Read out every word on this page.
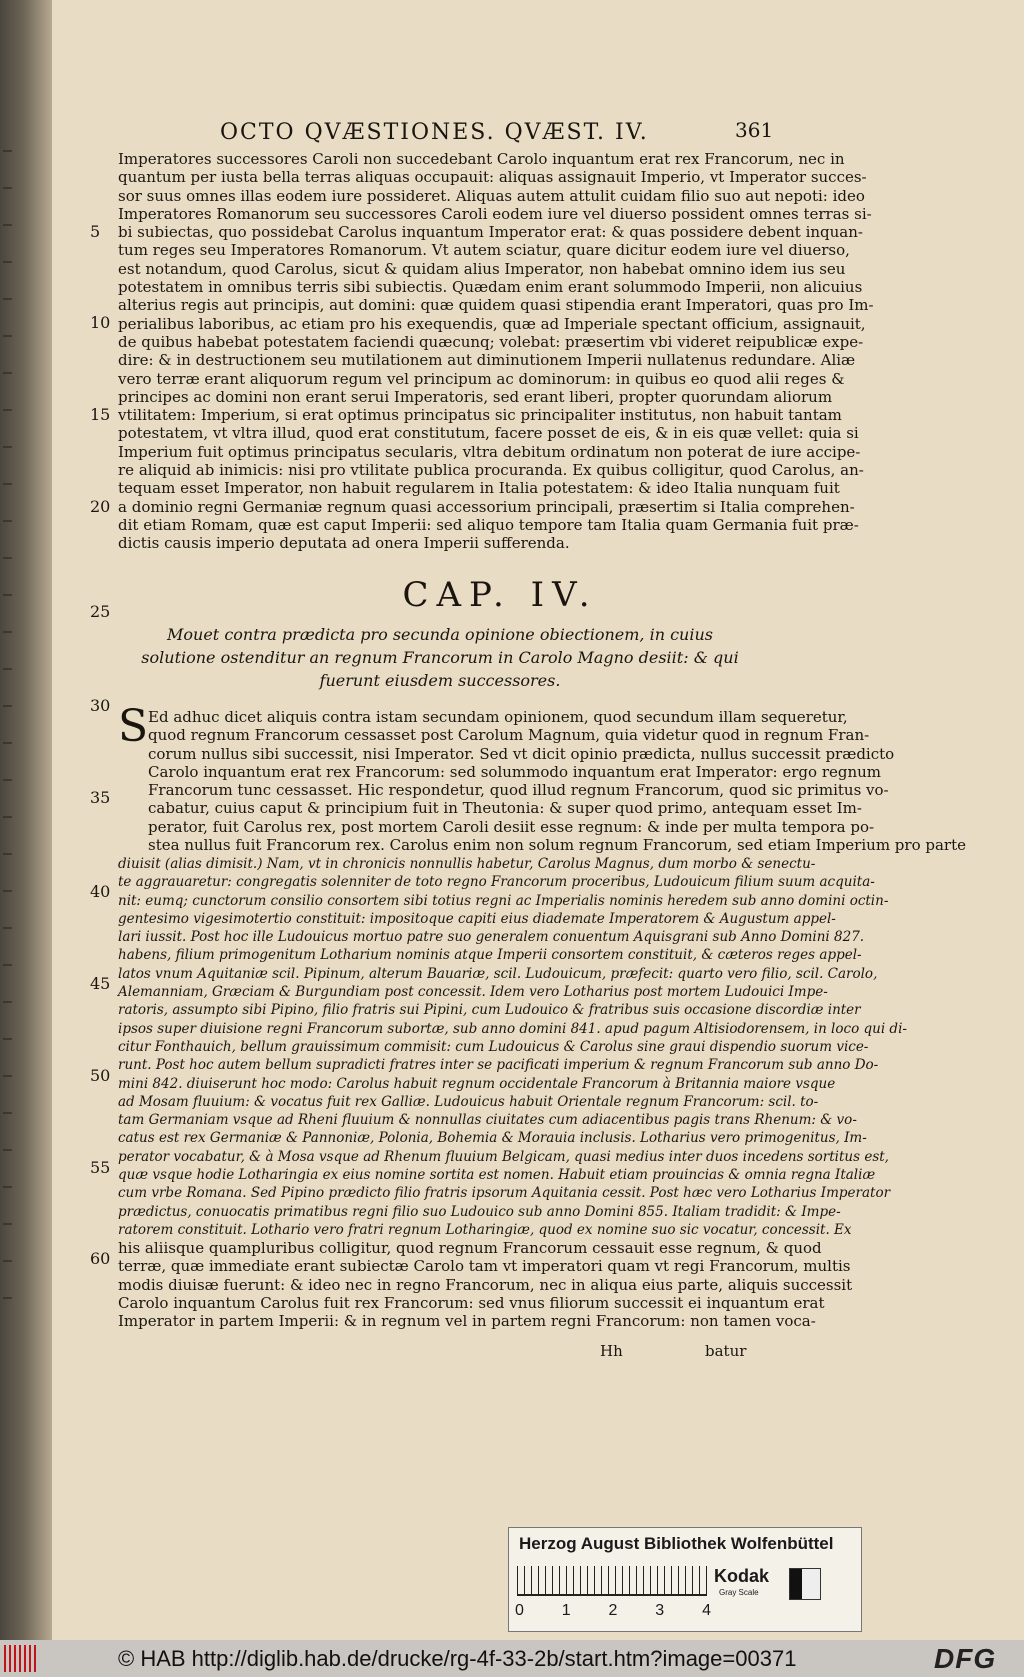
OCTO QVÆSTIONES. QVÆST. IV.	361
Imperatores successores Caroli non succedebant Carolo inquantum erat rex Francorum, nec in
quantum per iusta bella terras aliquas occupauit: aliquas assignauit Imperio, vt Imperator succes-
sor suus omnes illas eodem iure possideret. Aliquas autem attulit cuidam filio suo aut nepoti: ideo
Imperatores Romanorum seu successores Caroli eodem iure vel diuerso possident omnes terras si-
bi subiectas, quo possidebat Carolus inquantum Imperator erat: & quas possidere debent inquan-
tum reges seu Imperatores Romanorum. Vt autem sciatur, quare dicitur eodem iure vel diuerso,
est notandum, quod Carolus, sicut & quidam alius Imperator, non habebat omnino idem ius seu
potestatem in omnibus terris sibi subiectis. Quædam enim erant solummodo Imperii, non alicuius
alterius regis aut principis, aut domini: quæ quidem quasi stipendia erant Imperatori, quas pro Im-
perialibus laboribus, ac etiam pro his exequendis, quæ ad Imperiale spectant officium, assignauit,
de quibus habebat potestatem faciendi quæcunq; volebat: præsertim vbi videret reipublicæ expe-
dire: & in destructionem seu mutilationem aut diminutionem Imperii nullatenus redundare. Aliæ
vero terræ erant aliquorum regum vel principum ac dominorum: in quibus eo quod alii reges &
principes ac domini non erant serui Imperatoris, sed erant liberi, propter quorundam aliorum
vtilitatem: Imperium, si erat optimus principatus sic principaliter institutus, non habuit tantam
potestatem, vt vltra illud, quod erat constitutum, facere posset de eis, & in eis quæ vellet: quia si
Imperium fuit optimus principatus secularis, vltra debitum ordinatum non poterat de iure accipe-
re aliquid ab inimicis: nisi pro vtilitate publica procuranda. Ex quibus colligitur, quod Carolus, an-
tequam esset Imperator, non habuit regularem in Italia potestatem: & ideo Italia nunquam fuit
a dominio regni Germaniæ regnum quasi accessorium principali, præsertim si Italia comprehen-
dit etiam Romam, quæ est caput Imperii: sed aliquo tempore tam Italia quam Germania fuit præ-
dictis causis imperio deputata ad onera Imperii sufferenda.
5
10
15
20
CAP. IV.
25
Mouet contra prædicta pro secunda opinione obiectionem, in cuius solutione ostenditur an regnum Francorum in Carolo Magno desiit: & qui fuerunt eiusdem successores.
30 S Ed adhuc dicet aliquis contra istam secundam opinionem, quod secundum illam sequeretur,
quod regnum Francorum cessasset post Carolum Magnum, quia videtur quod in regnum Fran-
corum nullus sibi successit, nisi Imperator. Sed vt dicit opinio prædicta, nullus successit prædicto
Carolo inquantum erat rex Francorum: sed solummodo inquantum erat Imperator: ergo regnum
Francorum tunc cessasset. Hic respondetur, quod illud regnum Francorum, quod sic primitus vo-
cabatur, cuius caput & principium fuit in Theutonia: & super quod primo, antequam esset Im-
perator, fuit Carolus rex, post mortem Caroli desiit esse regnum: & inde per multa tempora po-
stea nullus fuit Francorum rex. Carolus enim non solum regnum Francorum, sed etiam Imperium pro parte
diuisit (alias dimisit.) Nam, vt in chronicis nonnullis habetur, Carolus Magnus, dum morbo & senectu-
te aggrauaretur: congregatis solenniter de toto regno Francorum proceribus, Ludouicum filium suum acquita-
nit: eumq; cunctorum consilio consortem sibi totius regni ac Imperialis nominis heredem sub anno domini octin-
gentesimo vigesimotertio constituit: impositoque capiti eius diademate Imperatorem & Augustum appel-
lari iussit. Post hoc ille Ludouicus mortuo patre suo generalem conuentum Aquisgrani sub Anno Domini 827.
habens, filium primogenitum Lotharium nominis atque Imperii consortem constituit, & cæteros reges appel-
latos vnum Aquitaniæ scil. Pipinum, alterum Bauariæ, scil. Ludouicum, præfecit: quarto vero filio, scil. Carolo,
Alemanniam, Græciam & Burgundiam post concessit. Idem vero Lotharius post mortem Ludouici Impe-
ratoris, assumpto sibi Pipino, filio fratris sui Pipini, cum Ludouico & fratribus suis occasione discordiæ inter
ipsos super diuisione regni Francorum subortæ, sub anno domini 841. apud pagum Altisiodorensem, in loco qui di-
citur Fonthauich, bellum grauissimum commisit: cum Ludouicus & Carolus sine graui dispendio suorum vice-
runt. Post hoc autem bellum supradicti fratres inter se pacificati imperium & regnum Francorum sub anno Do-
mini 842. diuiserunt hoc modo: Carolus habuit regnum occidentale Francorum à Britannia maiore vsque
ad Mosam fluuium: & vocatus fuit rex Galliæ. Ludouicus habuit Orientale regnum Francorum: scil. to-
tam Germaniam vsque ad Rheni fluuium & nonnullas ciuitates cum adiacentibus pagis trans Rhenum: & vo-
catus est rex Germaniæ & Pannoniæ, Polonia, Bohemia & Morauia inclusis. Lotharius vero primogenitus, Im-
perator vocabatur, & à Mosa vsque ad Rhenum fluuium Belgicam, quasi medius inter duos incedens sortitus est,
quæ vsque hodie Lotharingia ex eius nomine sortita est nomen. Habuit etiam prouincias & omnia regna Italiæ
cum vrbe Romana. Sed Pipino prædicto filio fratris ipsorum Aquitania cessit. Post hæc vero Lotharius Imperator
prædictus, conuocatis primatibus regni filio suo Ludouico sub anno Domini 855. Italiam tradidit: & Impe-
ratorem constituit. Lothario vero fratri regnum Lotharingiæ, quod ex nomine suo sic vocatur, concessit. Ex
his aliisque quampluribus colligitur, quod regnum Francorum cessauit esse regnum, & quod
terræ, quæ immediate erant subiectæ Carolo tam vt imperatori quam vt regi Francorum, multis
modis diuisæ fuerunt: & ideo nec in regno Francorum, nec in aliqua eius parte, aliquis successit
Carolo inquantum Carolus fuit rex Francorum: sed vnus filiorum successit ei inquantum erat
Imperator in partem Imperii: & in regnum vel in partem regni Francorum: non tamen voca-
35
40
45
50
55
60
Hh	batur
Herzog August Bibliothek Wolfenbüttel
0 1 2 3 4
Kodak
Gray Scale
© HAB http://diglib.hab.de/drucke/rg-4f-33-2b/start.htm?image=00371	DFG
